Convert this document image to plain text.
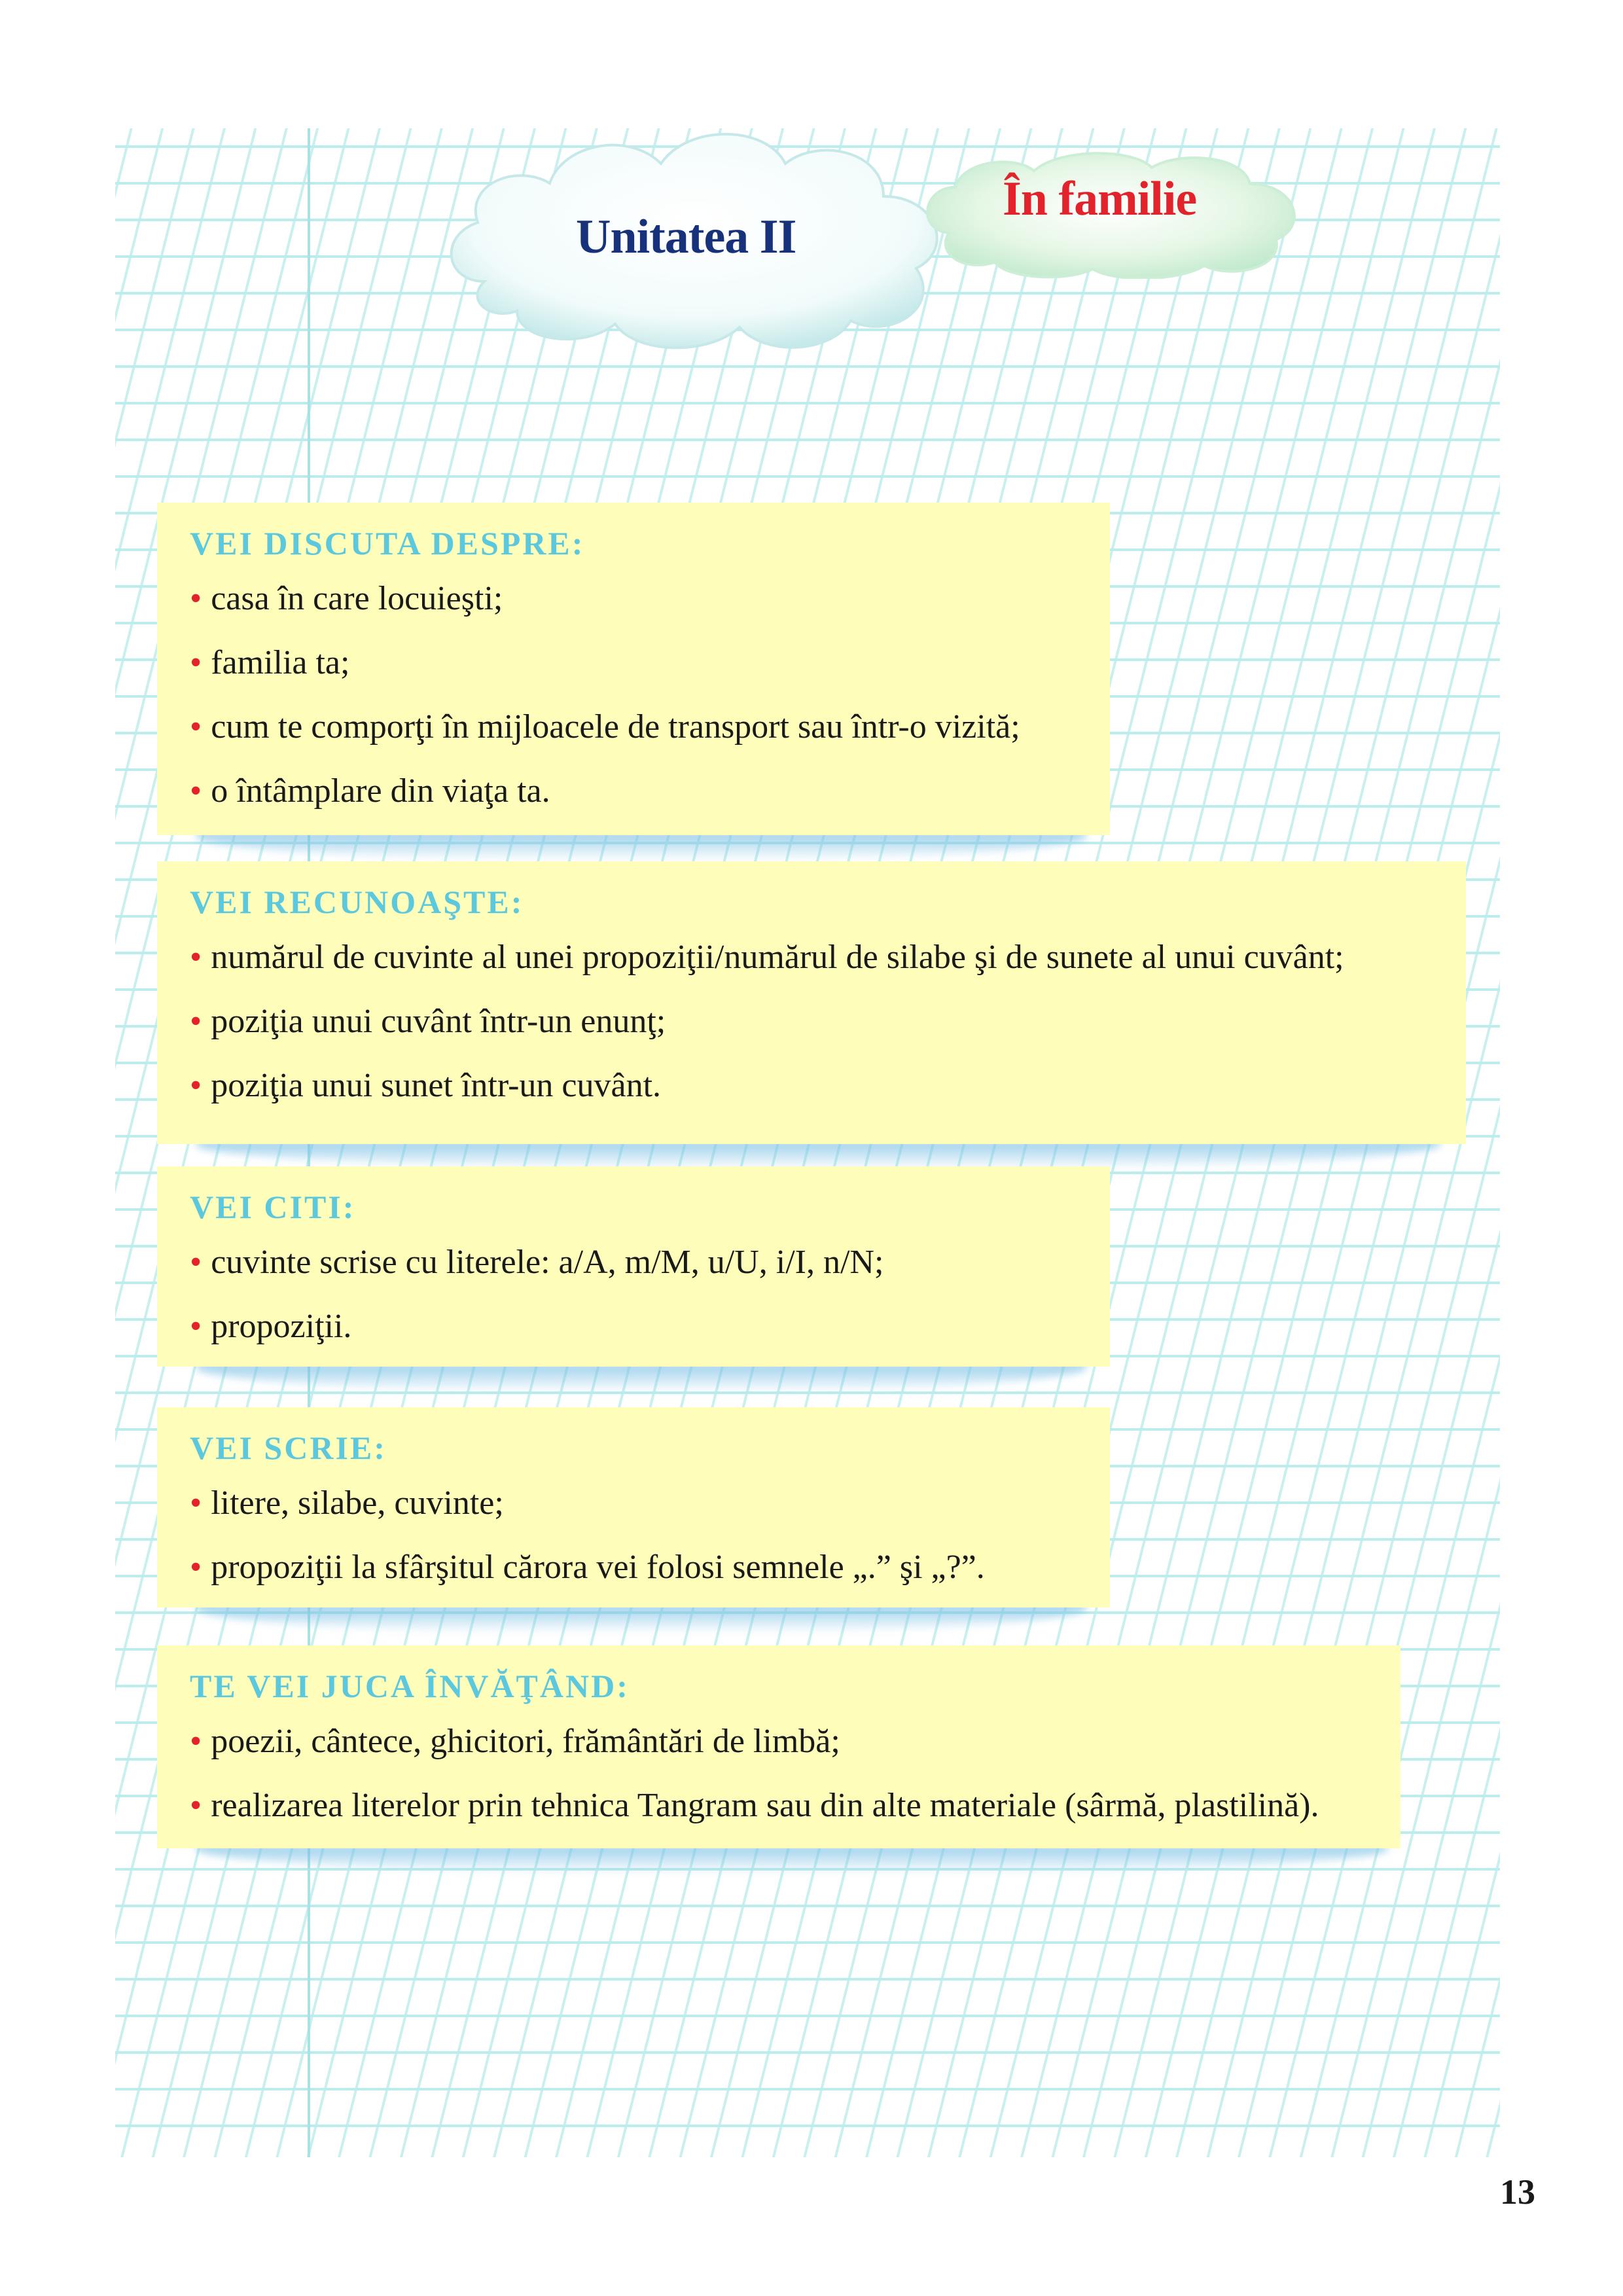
Unitatea II
În familie
VEI DISCUTA DESPRE:
• casa în care locuieşti;
• familia ta;
• cum te comporţi în mijloacele de transport sau într-o vizită;
• o întâmplare din viaţa ta.
VEI RECUNOAŞTE:
• numărul de cuvinte al unei propoziţii/numărul de silabe şi de sunete al unui cuvânt;
• poziţia unui cuvânt într-un enunţ;
• poziţia unui sunet într-un cuvânt.
VEI CITI:
• cuvinte scrise cu literele: a/A, m/M, u/U, i/I, n/N;
• propoziţii.
VEI SCRIE:
• litere, silabe, cuvinte;
• propoziţii la sfârşitul cărora vei folosi semnele „.” şi „?”.
TE VEI JUCA ÎNVĂŢÂND:
• poezii, cântece, ghicitori, frământări de limbă;
• realizarea literelor prin tehnica Tangram sau din alte materiale (sârmă, plastilină).
13
